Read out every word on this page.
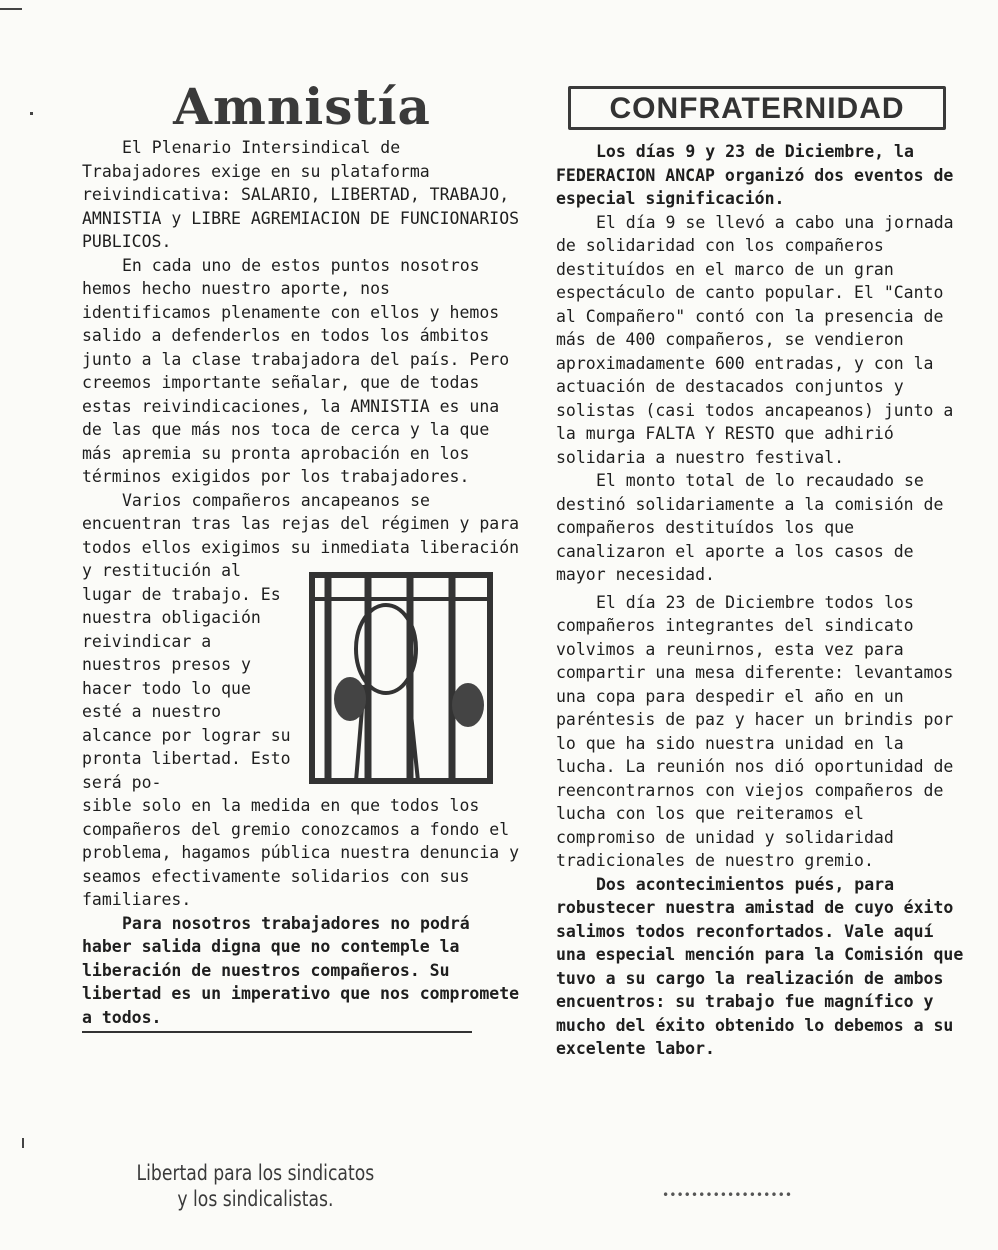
Amnistía

El Plenario Intersindical de Trabajadores exige en su plataforma reivindicativa: SALARIO, LIBERTAD, TRABAJO, AMNISTIA y LIBRE AGREMIACION DE FUNCIONARIOS PUBLICOS.

En cada uno de estos puntos nosotros hemos hecho nuestro aporte, nos identificamos plenamente con ellos y hemos salido a defenderlos en todos los ámbitos junto a la clase trabajadora del país. Pero creemos importante señalar, que de todas estas reivindicaciones, la AMNISTIA es una de las que más nos toca de cerca y la que más apremia su pronta aprobación en los términos exigidos por los trabajadores.

Varios compañeros ancapeanos se encuentran tras las rejas del régimen y para todos ellos exigimos su inmediata liberación

y restitución al lugar de trabajo. Es nuestra obligación reivindicar a nuestros presos y hacer todo lo que esté a nuestro alcance por lograr su pronta libertad. Esto será po-

sible solo en la medida en que todos los compañeros del gremio conozcamos a fondo el problema, hagamos pública nuestra denuncia y seamos efectivamente solidarios con sus familiares.

Para nosotros trabajadores no podrá haber salida digna que no contemple la liberación de nuestros compañeros. Su libertad es un imperativo que nos compromete a todos.

CONFRATERNIDAD

Los días 9 y 23 de Diciembre, la FEDERACION ANCAP organizó dos eventos de especial significación.

El día 9 se llevó a cabo una jornada de solidaridad con los compañeros destituídos en el marco de un gran espectáculo de canto popular. El "Canto al Compañero" contó con la presencia de más de 400 compañeros, se vendieron aproximadamente 600 entradas, y con la actuación de destacados conjuntos y solistas (casi todos ancapeanos) junto a la murga FALTA Y RESTO que adhirió solidaria a nuestro festival.

El monto total de lo recaudado se destinó solidariamente a la comisión de compañeros destituídos los que canalizaron el aporte a los casos de mayor necesidad.

El día 23 de Diciembre todos los compañeros integrantes del sindicato volvimos a reunirnos, esta vez para compartir una mesa diferente: levantamos una copa para despedir el año en un paréntesis de paz y hacer un brindis por lo que ha sido nuestra unidad en la lucha. La reunión nos dió oportunidad de reencontrarnos con viejos compañeros de lucha con los que reiteramos el compromiso de unidad y solidaridad tradicionales de nuestro gremio.

Dos acontecimientos pués, para robustecer nuestra amistad de cuyo éxito salimos todos reconfortados. Vale aquí una especial mención para la Comisión que tuvo a su cargo la realización de ambos encuentros: su trabajo fue magnífico y mucho del éxito obtenido lo debemos a su excelente labor.

••••••••••••••••••
Libertad para los sindicatos
y los sindicalistas.
